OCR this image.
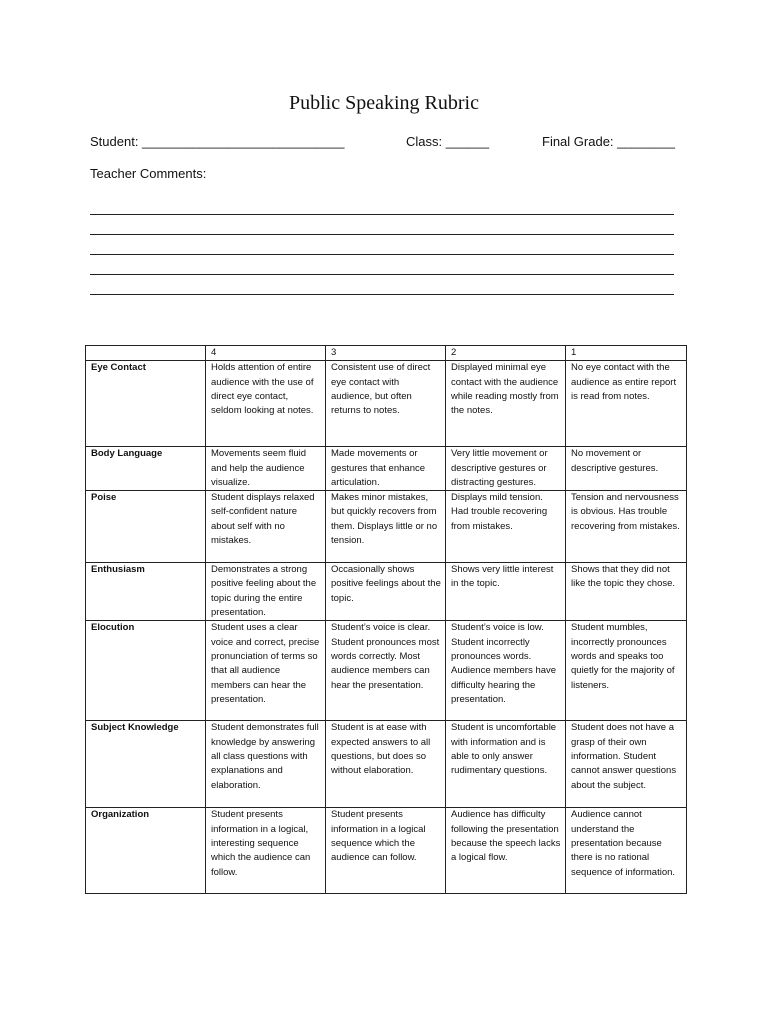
Public Speaking Rubric
Student: ____________________________	Class: ______	Final Grade: ________
Teacher Comments:
	4	3	2	1
Eye Contact	Holds attention of entire audience with the use of direct eye contact, seldom looking at notes.	Consistent use of direct eye contact with audience, but often returns to notes.	Displayed minimal eye contact with the audience while reading mostly from the notes.	No eye contact with the audience as entire report is read from notes.
Body Language	Movements seem fluid and help the audience visualize.	Made movements or gestures that enhance articulation.	Very little movement or descriptive gestures or distracting gestures.	No movement or descriptive gestures.
Poise	Student displays relaxed self-confident nature about self with no mistakes.	Makes minor mistakes, but quickly recovers from them. Displays little or no tension.	Displays mild tension. Had trouble recovering from mistakes.	Tension and nervousness is obvious. Has trouble recovering from mistakes.
Enthusiasm	Demonstrates a strong positive feeling about the topic during the entire presentation.	Occasionally shows positive feelings about the topic.	Shows very little interest in the topic.	Shows that they did not like the topic they chose.
Elocution	Student uses a clear voice and correct, precise pronunciation of terms so that all audience members can hear the presentation.	Student’s voice is clear. Student pronounces most words correctly. Most audience members can hear the presentation.	Student’s voice is low. Student incorrectly pronounces words. Audience members have difficulty hearing the presentation.	Student mumbles, incorrectly pronounces words and speaks too quietly for the majority of listeners.
Subject Knowledge	Student demonstrates full knowledge by answering all class questions with explanations and elaboration.	Student is at ease with expected answers to all questions, but does so without elaboration.	Student is uncomfortable with information and is able to only answer rudimentary questions.	Student does not have a grasp of their own information. Student cannot answer questions about the subject.
Organization	Student presents information in a logical, interesting sequence which the audience can follow.	Student presents information in a logical sequence which the audience can follow.	Audience has difficulty following the presentation because the speech lacks a logical flow.	Audience cannot understand the presentation because there is no rational sequence of information.
